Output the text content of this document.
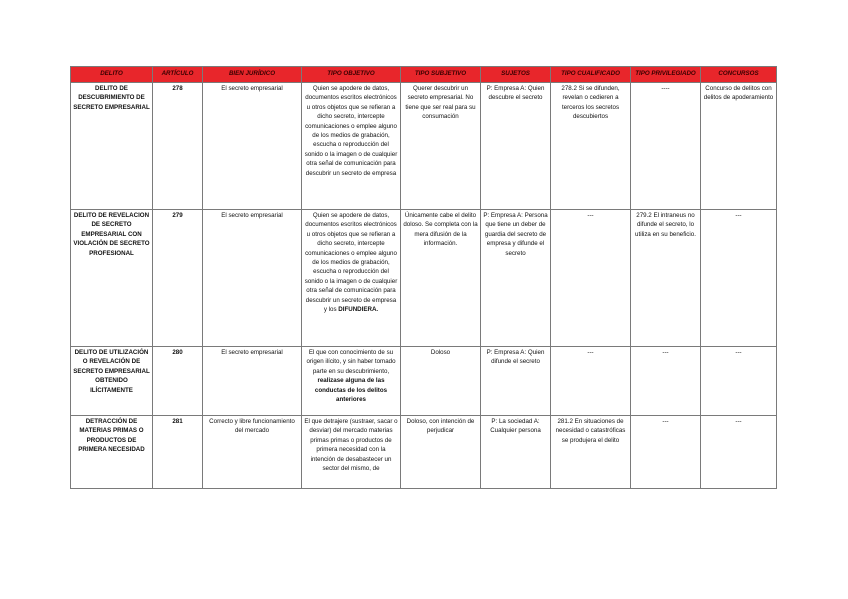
DELITO	ARTÍCULO	BIEN JURÍDICO	TIPO OBJETIVO	TIPO SUBJETIVO	SUJETOS	TIPO CUALIFICADO	TIPO PRIVILEGIADO	CONCURSOS
DELITO DE DESCUBRIMIENTO DE SECRETO EMPRESARIAL	278	El secreto empresarial	Quien se apodere de datos, documentos escritos electrónicos u otros objetos que se refieran a dicho secreto, intercepte comunicaciones o emplee alguno de los medios de grabación, escucha o reproducción del sonido o la imagen o de cualquier otra señal de comunicación para descubrir un secreto de empresa	Querer descubrir un secreto empresarial. No tiene que ser real para su consumación	P: Empresa A: Quien descubre el secreto	278.2 Si se difunden, revelan o cedieren a terceros los secretos descubiertos	----	Concurso de delitos con delitos de apoderamiento
DELITO DE REVELACION DE SECRETO EMPRESARIAL CON VIOLACIÓN DE SECRETO PROFESIONAL	279	El secreto empresarial	Quien se apodere de datos, documentos escritos electrónicos u otros objetos que se refieran a dicho secreto, intercepte comunicaciones o emplee alguno de los medios de grabación, escucha o reproducción del sonido o la imagen o de cualquier otra señal de comunicación para descubrir un secreto de empresa y los DIFUNDIERA.	Únicamente cabe el delito doloso. Se completa con la mera difusión de la información.	P: Empresa A: Persona que tiene un deber de guardia del secreto de empresa y difunde el secreto	---	279.2 El intraneus no difunde el secreto, lo utiliza en su beneficio.	---
DELITO DE UTILIZACIÓN O REVELACIÓN DE SECRETO EMPRESARIAL OBTENIDO ILÍCITAMENTE	280	El secreto empresarial	El que con conocimiento de su origen ilícito, y sin haber tomado parte en su descubrimiento, realizase alguna de las conductas de los delitos anteriores	Doloso	P: Empresa A: Quien difunde el secreto	---	---	---
DETRACCIÓN DE MATERIAS PRIMAS O PRODUCTOS DE PRIMERA NECESIDAD	281	Correcto y libre funcionamiento del mercado	El que detrajere (sustraer, sacar o desviar) del mercado materias primas primas o productos de primera necesidad con la intención de desabastecer un sector del mismo, de	Doloso, con intención de perjudicar	P: La sociedad A: Cualquier persona	281.2 En situaciones de necesidad o catastróficas se produjera el delito	---	---
